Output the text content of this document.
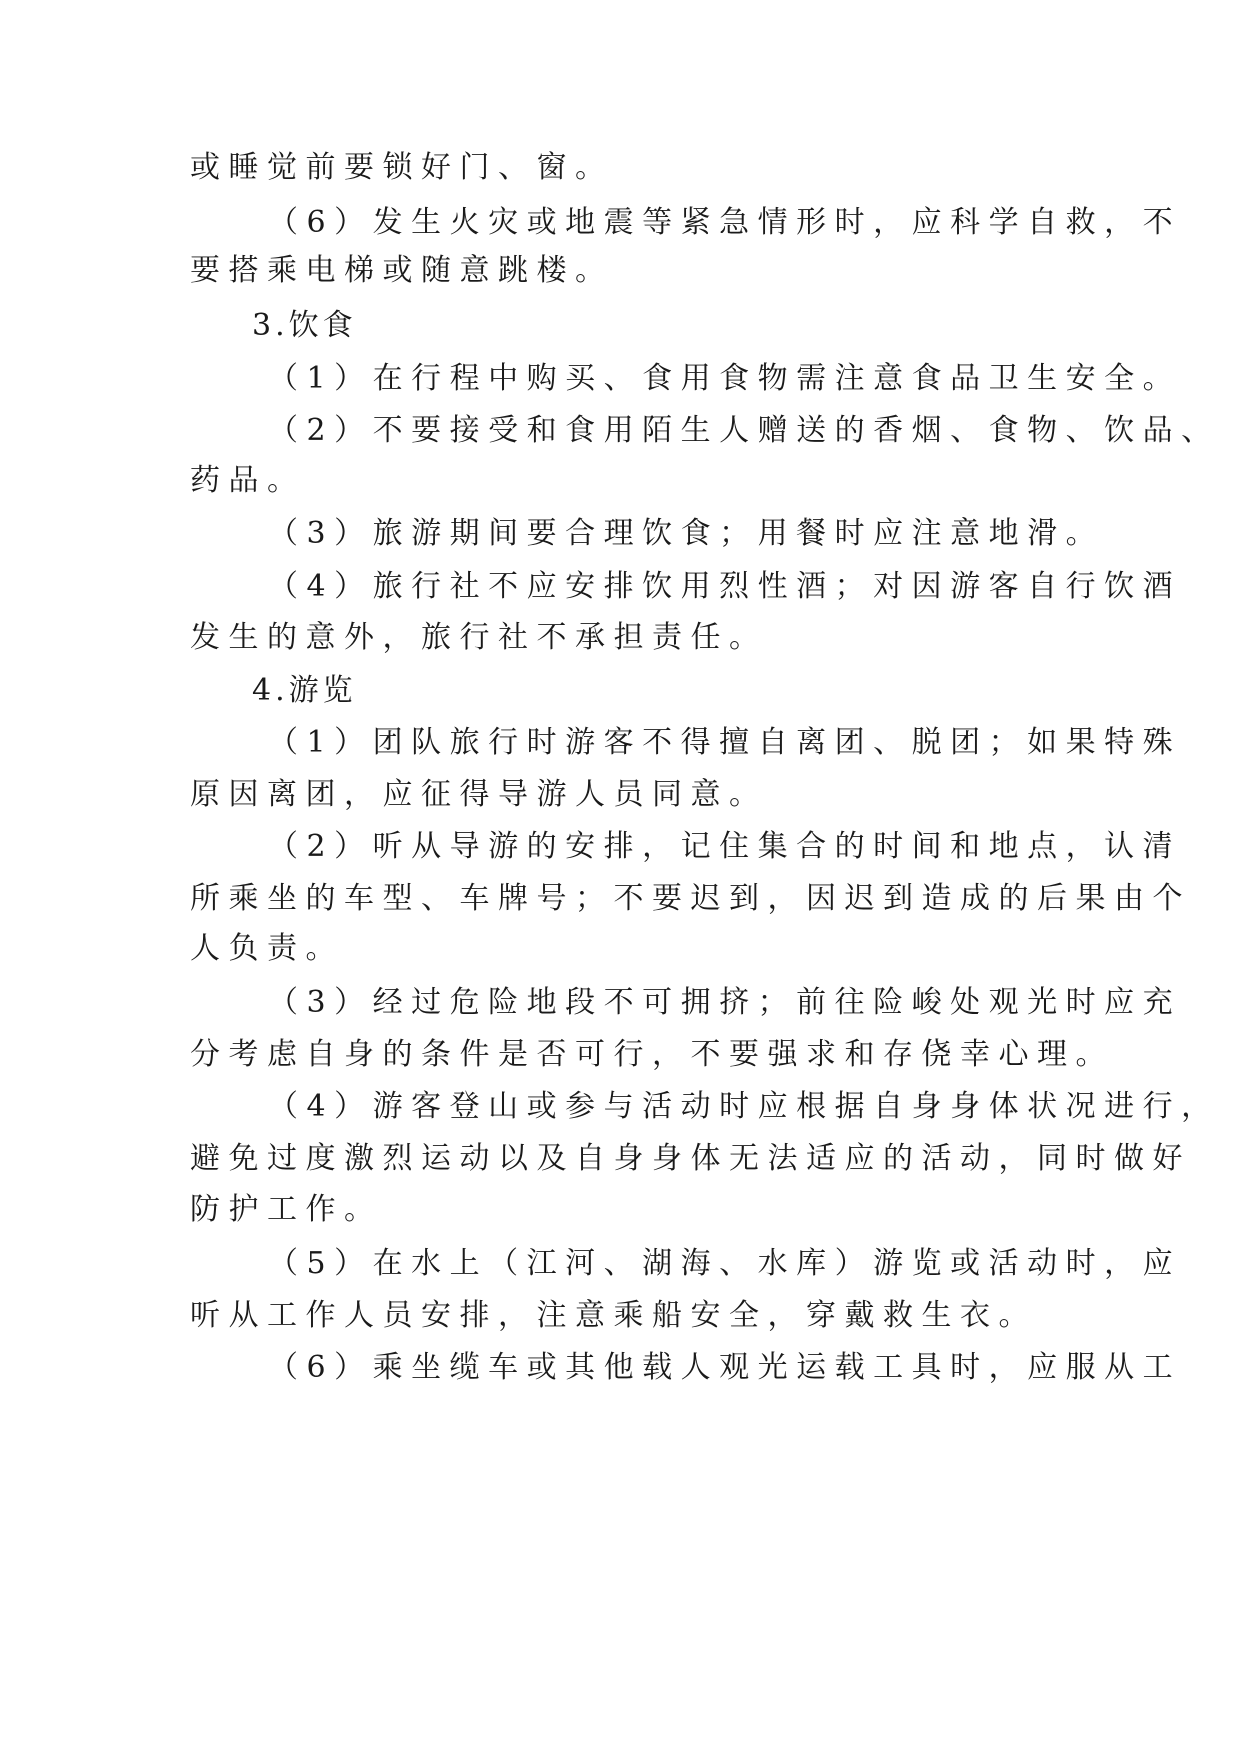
或睡觉前要锁好门、窗。
（6）发生火灾或地震等紧急情形时，应科学自救，不
要搭乘电梯或随意跳楼。
3.饮食
（1）在行程中购买、食用食物需注意食品卫生安全。
（2）不要接受和食用陌生人赠送的香烟、食物、饮品、
药品。
（3）旅游期间要合理饮食；用餐时应注意地滑。
（4）旅行社不应安排饮用烈性酒；对因游客自行饮酒
发生的意外，旅行社不承担责任。
4.游览
（1）团队旅行时游客不得擅自离团、脱团；如果特殊
原因离团，应征得导游人员同意。
（2）听从导游的安排，记住集合的时间和地点，认清
所乘坐的车型、车牌号；不要迟到，因迟到造成的后果由个
人负责。
（3）经过危险地段不可拥挤；前往险峻处观光时应充
分考虑自身的条件是否可行，不要强求和存侥幸心理。
（4）游客登山或参与活动时应根据自身身体状况进行，
避免过度激烈运动以及自身身体无法适应的活动，同时做好
防护工作。
（5）在水上（江河、湖海、水库）游览或活动时，应
听从工作人员安排，注意乘船安全，穿戴救生衣。
（6）乘坐缆车或其他载人观光运载工具时，应服从工
